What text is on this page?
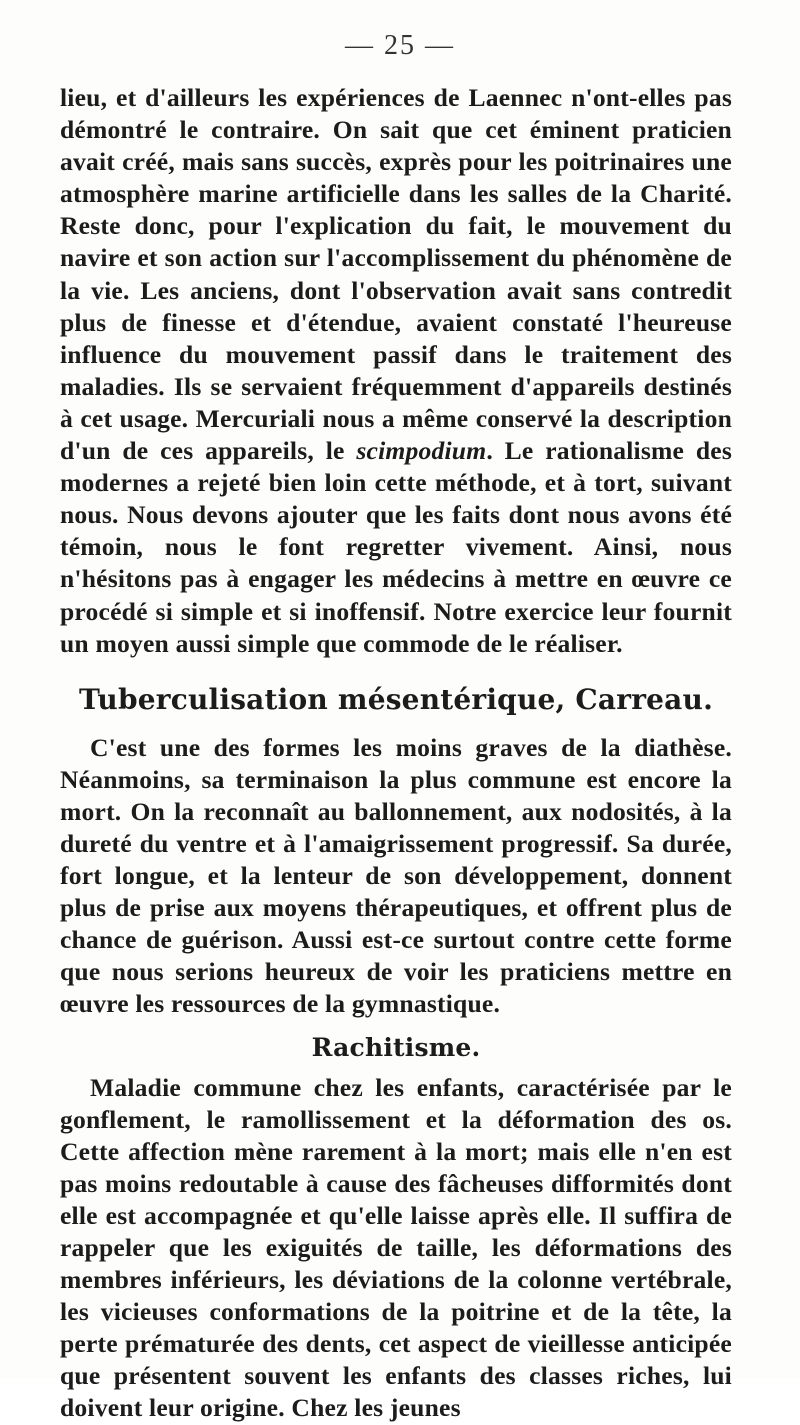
— 25 —

lieu, et d'ailleurs les expériences de Laennec n'ont-elles pas démontré le contraire. On sait que cet éminent praticien avait créé, mais sans succès, exprès pour les poitrinaires une atmosphère marine artificielle dans les salles de la Charité. Reste donc, pour l'explication du fait, le mouvement du navire et son action sur l'accomplissement du phénomène de la vie. Les anciens, dont l'observation avait sans contredit plus de finesse et d'étendue, avaient constaté l'heureuse influence du mouvement passif dans le traitement des maladies. Ils se servaient fréquemment d'appareils destinés à cet usage. Mercuriali nous a même conservé la description d'un de ces appareils, le scimpodium. Le rationalisme des modernes a rejeté bien loin cette méthode, et à tort, suivant nous. Nous devons ajouter que les faits dont nous avons été témoin, nous le font regretter vivement. Ainsi, nous n'hésitons pas à engager les médecins à mettre en œuvre ce procédé si simple et si inoffensif. Notre exercice leur fournit un moyen aussi simple que commode de le réaliser.

Tuberculisation mésentérique, Carreau.

C'est une des formes les moins graves de la diathèse. Néanmoins, sa terminaison la plus commune est encore la mort. On la reconnaît au ballonnement, aux nodosités, à la dureté du ventre et à l'amaigrissement progressif. Sa durée, fort longue, et la lenteur de son développement, donnent plus de prise aux moyens thérapeutiques, et offrent plus de chance de guérison. Aussi est-ce surtout contre cette forme que nous serions heureux de voir les praticiens mettre en œuvre les ressources de la gymnastique.

Rachitisme.

Maladie commune chez les enfants, caractérisée par le gonflement, le ramollissement et la déformation des os. Cette affection mène rarement à la mort; mais elle n'en est pas moins redoutable à cause des fâcheuses difformités dont elle est accompagnée et qu'elle laisse après elle. Il suffira de rappeler que les exiguités de taille, les déformations des membres inférieurs, les déviations de la colonne vertébrale, les vicieuses conformations de la poitrine et de la tête, la perte prématurée des dents, cet aspect de vieillesse anticipée que présentent souvent les enfants des classes riches, lui doivent leur origine. Chez les jeunes
